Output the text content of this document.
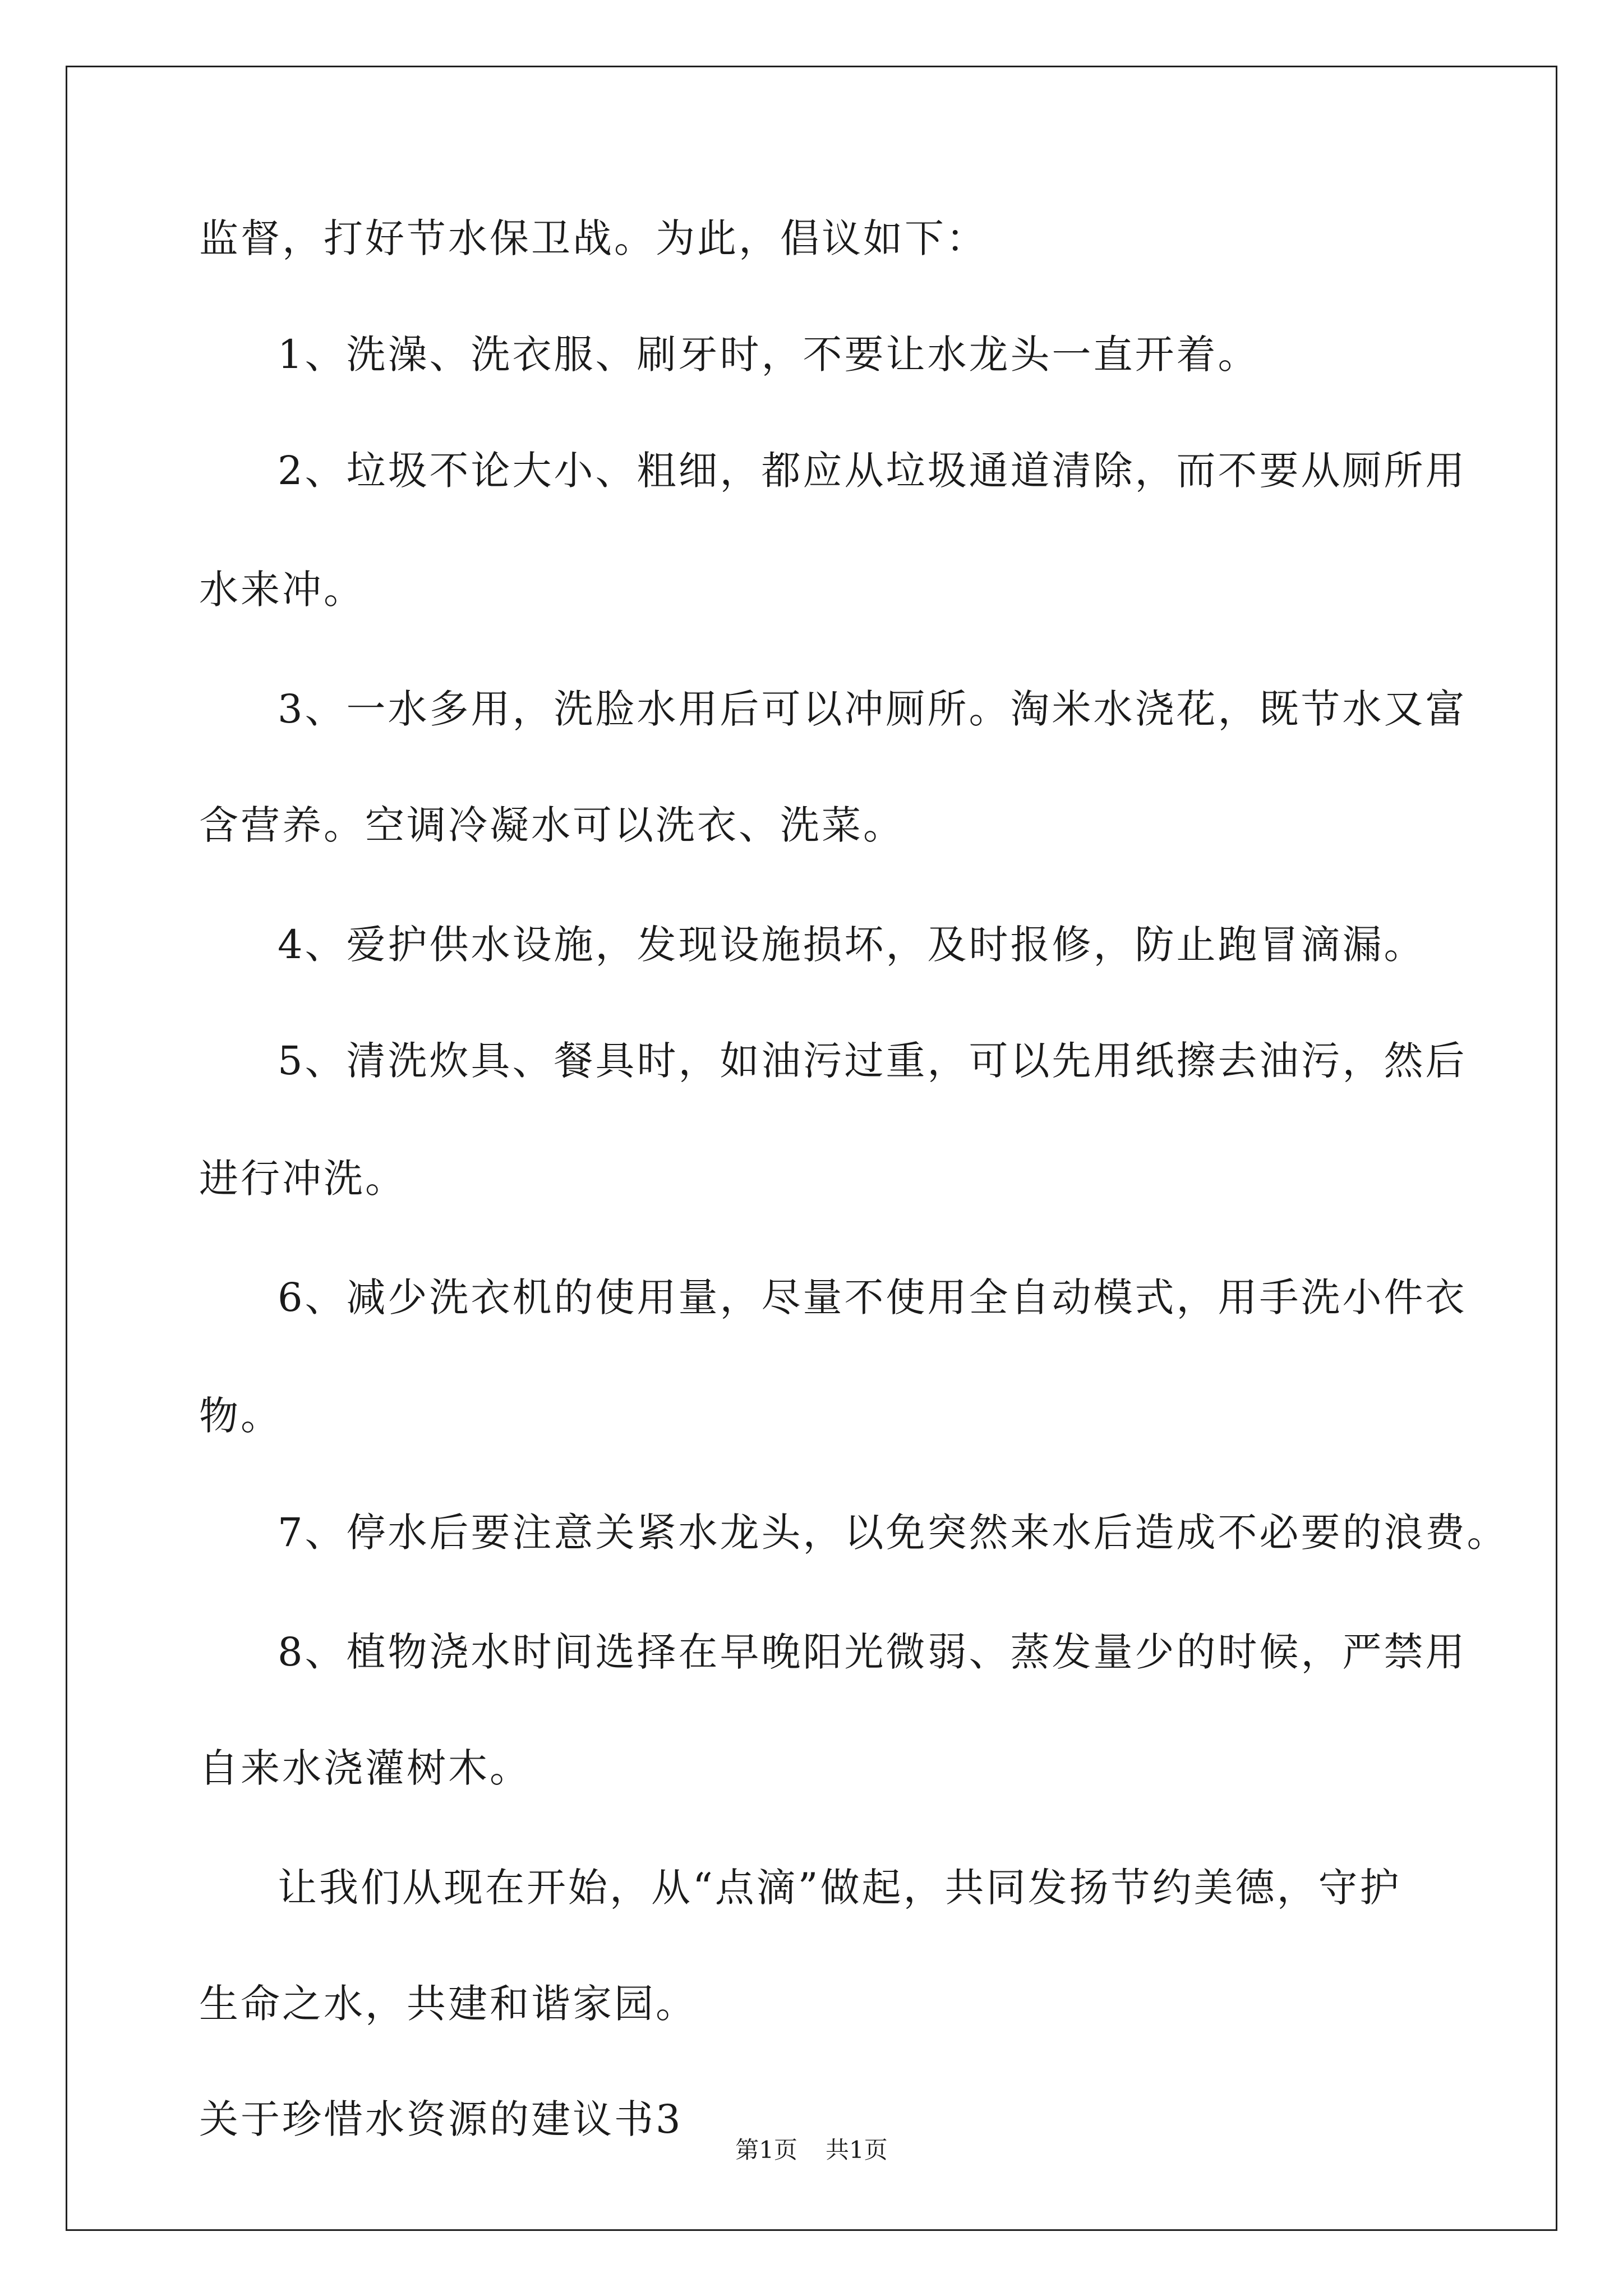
监督，打好节水保卫战。为此，倡议如下：
1、洗澡、洗衣服、刷牙时，不要让水龙头一直开着。
2、垃圾不论大小、粗细，都应从垃圾通道清除，而不要从厕所用
水来冲。
3、一水多用，洗脸水用后可以冲厕所。淘米水浇花，既节水又富
含营养。空调冷凝水可以洗衣、洗菜。
4、爱护供水设施，发现设施损坏，及时报修，防止跑冒滴漏。
5、清洗炊具、餐具时，如油污过重，可以先用纸擦去油污，然后
进行冲洗。
6、减少洗衣机的使用量，尽量不使用全自动模式，用手洗小件衣
物。
7、停水后要注意关紧水龙头，以免突然来水后造成不必要的浪费。
8、植物浇水时间选择在早晚阳光微弱、蒸发量少的时候，严禁用
自来水浇灌树木。
让我们从现在开始，从“点滴”做起，共同发扬节约美德，守护
生命之水，共建和谐家园。
关于珍惜水资源的建议书3
第1页 共1页
